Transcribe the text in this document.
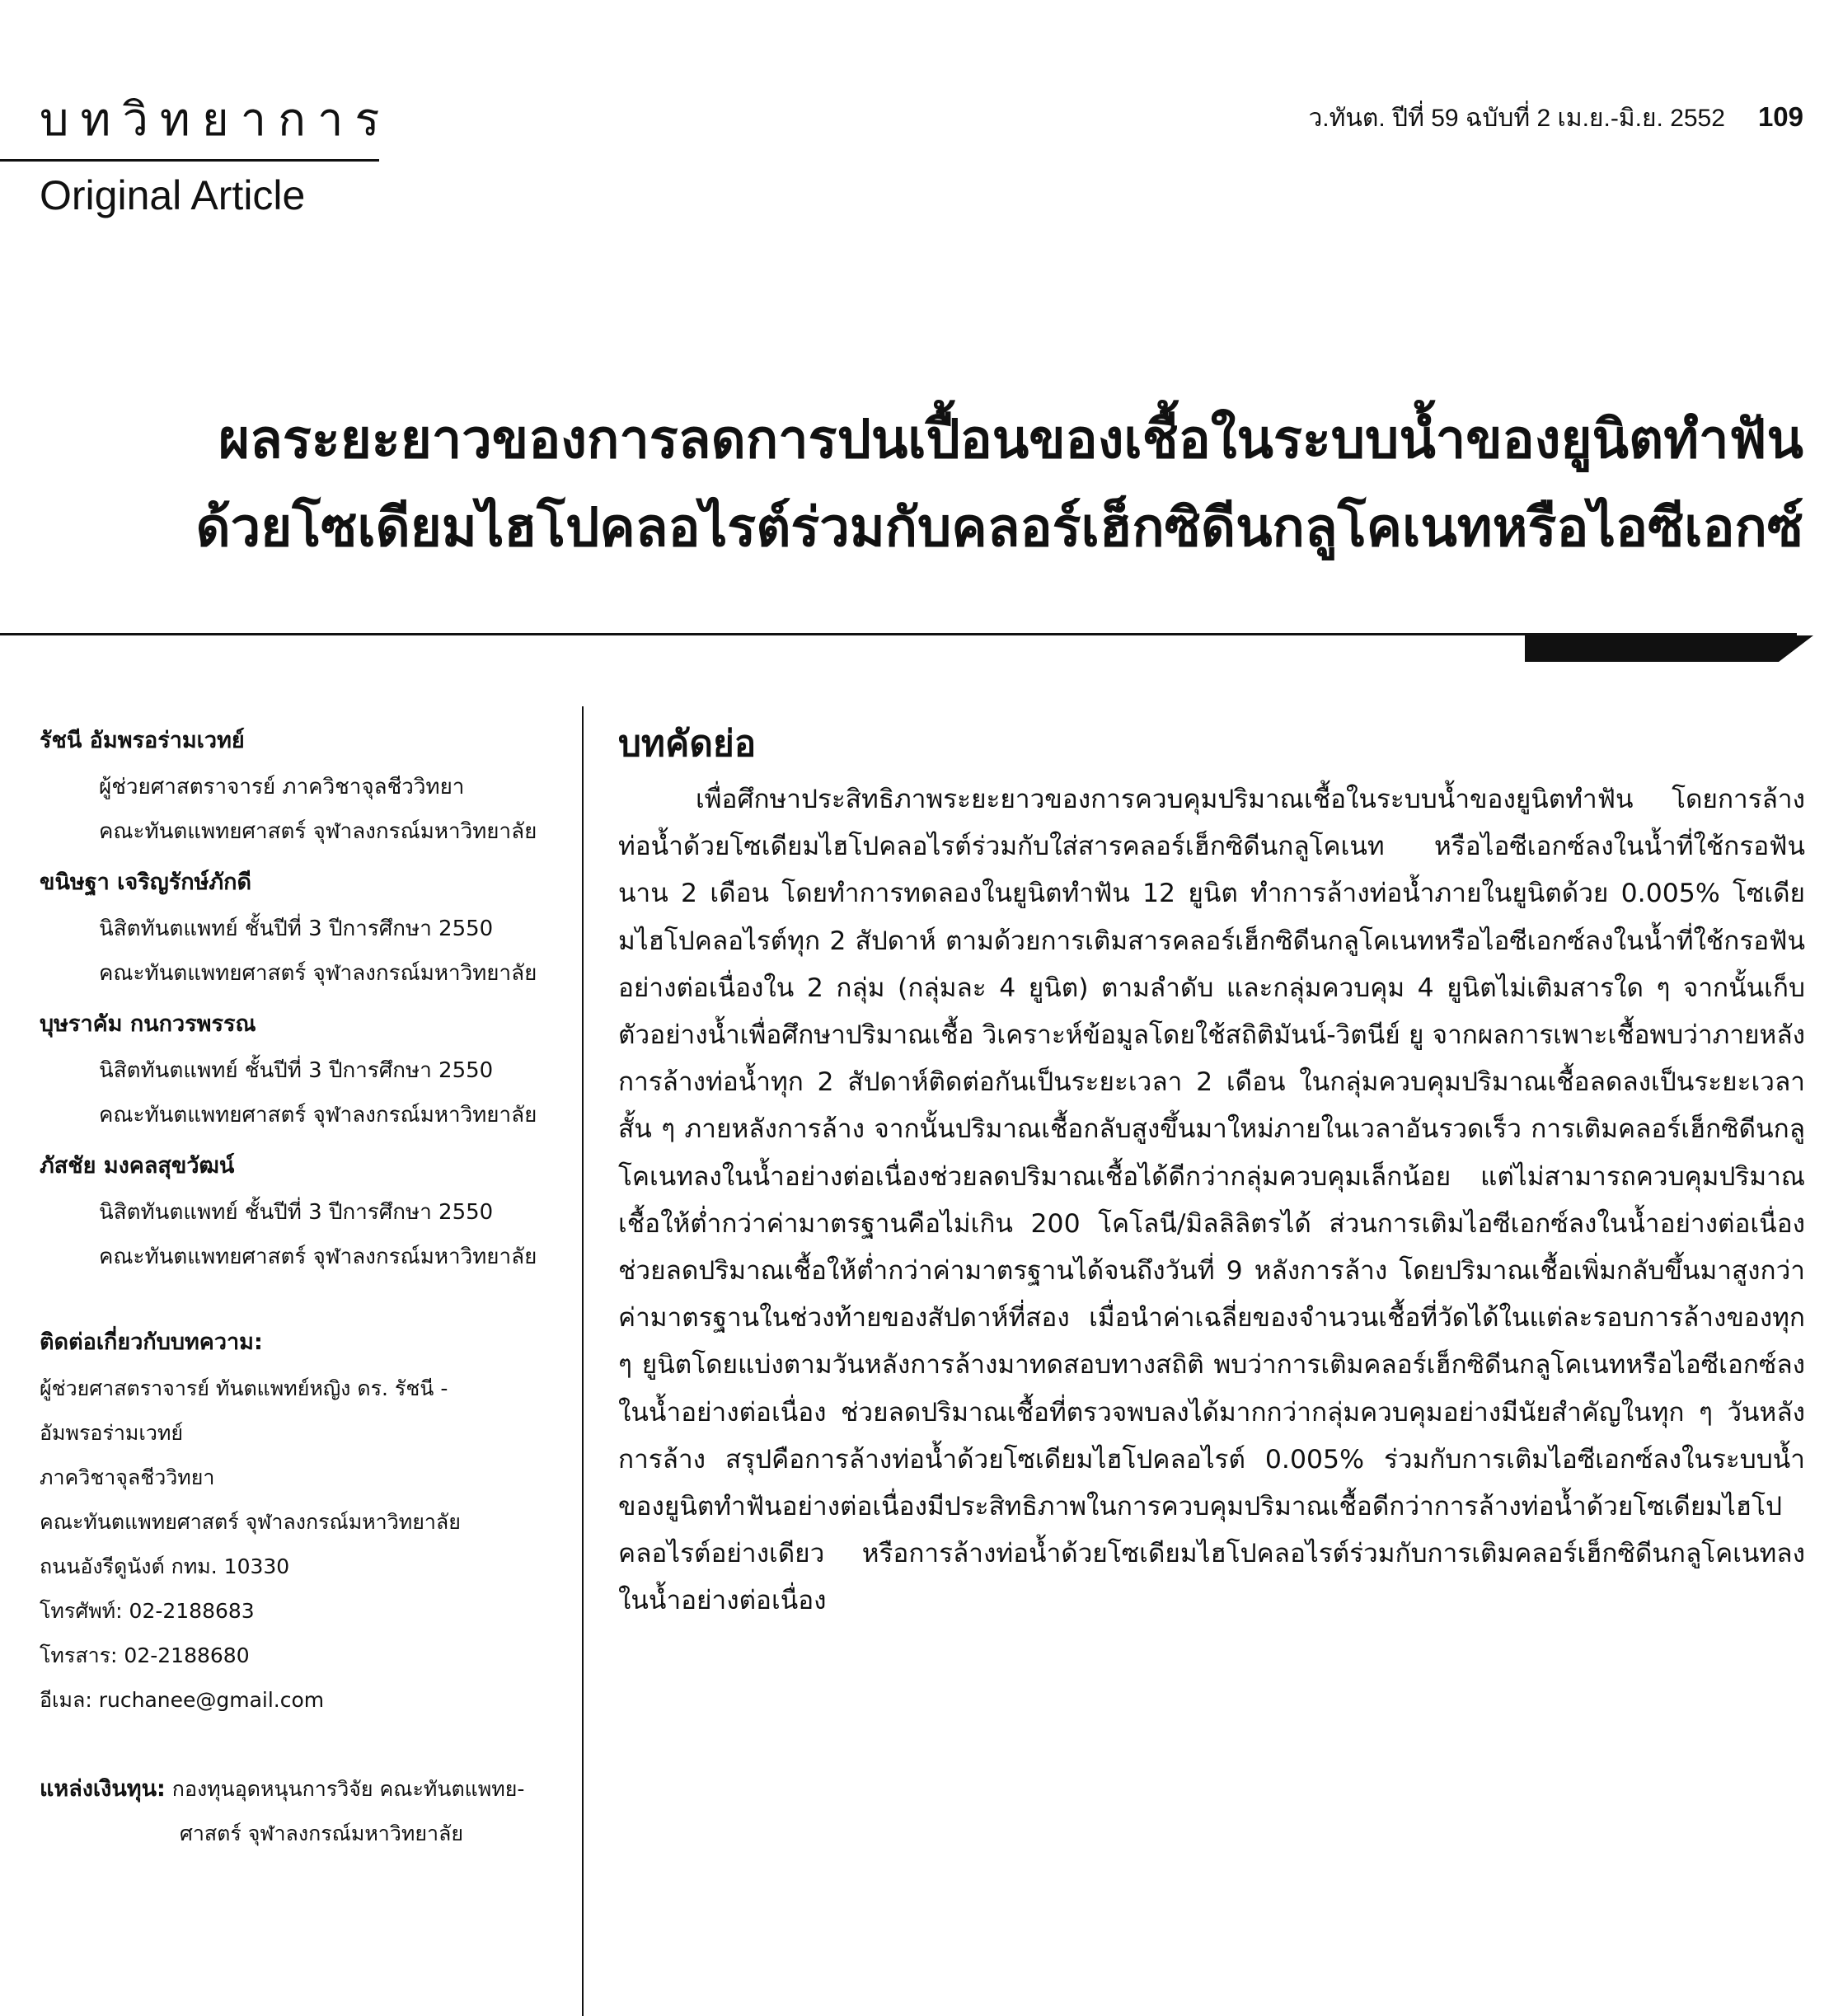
บทวิทยาการ
Original Article
ว.ทันต. ปีที่ 59 ฉบับที่ 2 เม.ย.-มิ.ย. 2552 109
ผลระยะยาวของการลดการปนเปื้อนของเชื้อในระบบน้ำของยูนิตทำฟัน
ด้วยโซเดียมไฮโปคลอไรต์ร่วมกับคลอร์เฮ็กซิดีนกลูโคเนทหรือไอซีเอกซ์
รัชนี อัมพรอร่ามเวทย์
ผู้ช่วยศาสตราจารย์ ภาควิชาจุลชีววิทยา
คณะทันตแพทยศาสตร์ จุฬาลงกรณ์มหาวิทยาลัย
ขนิษฐา เจริญรักษ์ภักดี
นิสิตทันตแพทย์ ชั้นปีที่ 3 ปีการศึกษา 2550
คณะทันตแพทยศาสตร์ จุฬาลงกรณ์มหาวิทยาลัย
บุษราคัม กนกวรพรรณ
นิสิตทันตแพทย์ ชั้นปีที่ 3 ปีการศึกษา 2550
คณะทันตแพทยศาสตร์ จุฬาลงกรณ์มหาวิทยาลัย
ภัสชัย มงคลสุขวัฒน์
นิสิตทันตแพทย์ ชั้นปีที่ 3 ปีการศึกษา 2550
คณะทันตแพทยศาสตร์ จุฬาลงกรณ์มหาวิทยาลัย
ติดต่อเกี่ยวกับบทความ:
ผู้ช่วยศาสตราจารย์ ทันตแพทย์หญิง ดร. รัชนี -
อัมพรอร่ามเวทย์
ภาควิชาจุลชีววิทยา
คณะทันตแพทยศาสตร์ จุฬาลงกรณ์มหาวิทยาลัย
ถนนอังรีดูนังต์ กทม. 10330
โทรศัพท์: 02-2188683
โทรสาร: 02-2188680
อีเมล: ruchanee@gmail.com
แหล่งเงินทุน: กองทุนอุดหนุนการวิจัย คณะทันตแพทย-
ศาสตร์ จุฬาลงกรณ์มหาวิทยาลัย
บทคัดย่อ

เพื่อศึกษาประสิทธิภาพระยะยาวของการควบคุมปริมาณเชื้อในระบบน้ำของยูนิตทำฟัน โดยการล้างท่อน้ำด้วยโซเดียมไฮโปคลอไรต์ร่วมกับใส่สารคลอร์เฮ็กซิดีนกลูโคเนท หรือไอซีเอกซ์ลงในน้ำที่ใช้กรอฟันนาน 2 เดือน โดยทำการทดลองในยูนิตทำฟัน 12 ยูนิต ทำการล้างท่อน้ำภายในยูนิตด้วย 0.005% โซเดียมไฮโปคลอไรต์ทุก 2 สัปดาห์ ตามด้วยการเติมสารคลอร์เฮ็กซิดีนกลูโคเนทหรือไอซีเอกซ์ลงในน้ำที่ใช้กรอฟันอย่างต่อเนื่องใน 2 กลุ่ม (กลุ่มละ 4 ยูนิต) ตามลำดับ และกลุ่มควบคุม 4 ยูนิตไม่เติมสารใด ๆ จากนั้นเก็บตัวอย่างน้ำเพื่อศึกษาปริมาณเชื้อ วิเคราะห์ข้อมูลโดยใช้สถิติมันน์-วิตนีย์ ยู จากผลการเพาะเชื้อพบว่าภายหลังการล้างท่อน้ำทุก 2 สัปดาห์ติดต่อกันเป็นระยะเวลา 2 เดือน ในกลุ่มควบคุมปริมาณเชื้อลดลงเป็นระยะเวลาสั้น ๆ ภายหลังการล้าง จากนั้นปริมาณเชื้อกลับสูงขึ้นมาใหม่ภายในเวลาอันรวดเร็ว การเติมคลอร์เฮ็กซิดีนกลูโคเนทลงในน้ำอย่างต่อเนื่องช่วยลดปริมาณเชื้อได้ดีกว่ากลุ่มควบคุมเล็กน้อย แต่ไม่สามารถควบคุมปริมาณเชื้อให้ต่ำกว่าค่ามาตรฐานคือไม่เกิน 200 โคโลนี/มิลลิลิตรได้ ส่วนการเติมไอซีเอกซ์ลงในน้ำอย่างต่อเนื่องช่วยลดปริมาณเชื้อให้ต่ำกว่าค่ามาตรฐานได้จนถึงวันที่ 9 หลังการล้าง โดยปริมาณเชื้อเพิ่มกลับขึ้นมาสูงกว่าค่ามาตรฐานในช่วงท้ายของสัปดาห์ที่สอง เมื่อนำค่าเฉลี่ยของจำนวนเชื้อที่วัดได้ในแต่ละรอบการล้างของทุก ๆ ยูนิตโดยแบ่งตามวันหลังการล้างมาทดสอบทางสถิติ พบว่าการเติมคลอร์เฮ็กซิดีนกลูโคเนทหรือไอซีเอกซ์ลงในน้ำอย่างต่อเนื่อง ช่วยลดปริมาณเชื้อที่ตรวจพบลงได้มากกว่ากลุ่มควบคุมอย่างมีนัยสำคัญในทุก ๆ วันหลังการล้าง สรุปคือการล้างท่อน้ำด้วยโซเดียมไฮโปคลอไรต์ 0.005% ร่วมกับการเติมไอซีเอกซ์ลงในระบบน้ำของยูนิตทำฟันอย่างต่อเนื่องมีประสิทธิภาพในการควบคุมปริมาณเชื้อดีกว่าการล้างท่อน้ำด้วยโซเดียมไฮโปคลอไรต์อย่างเดียว หรือการล้างท่อน้ำด้วยโซเดียมไฮโปคลอไรต์ร่วมกับการเติมคลอร์เฮ็กซิดีนกลูโคเนทลงในน้ำอย่างต่อเนื่อง
